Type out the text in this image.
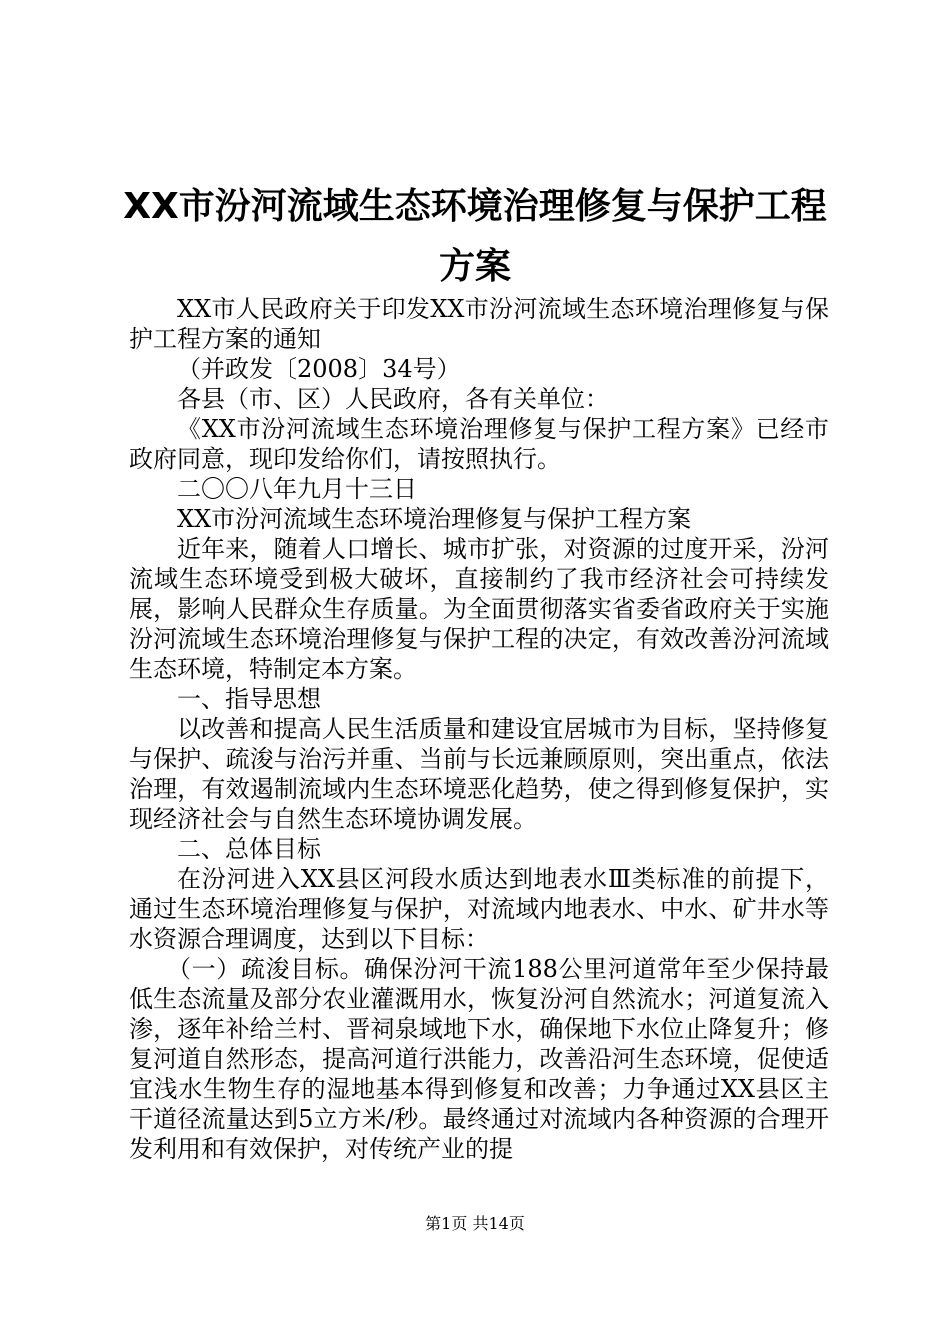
XX市汾河流域生态环境治理修复与保护工程
方案

XX市人民政府关于印发XX市汾河流域生态环境治理修复与保护工程方案的通知

（并政发〔2008〕34号）

各县（市、区）人民政府，各有关单位：

《XX市汾河流域生态环境治理修复与保护工程方案》已经市政府同意，现印发给你们，请按照执行。

二〇〇八年九月十三日

XX市汾河流域生态环境治理修复与保护工程方案

近年来，随着人口增长、城市扩张，对资源的过度开采，汾河流域生态环境受到极大破坏，直接制约了我市经济社会可持续发展，影响人民群众生存质量。为全面贯彻落实省委省政府关于实施汾河流域生态环境治理修复与保护工程的决定，有效改善汾河流域生态环境，特制定本方案。

一、指导思想

以改善和提高人民生活质量和建设宜居城市为目标，坚持修复与保护、疏浚与治污并重、当前与长远兼顾原则，突出重点，依法治理，有效遏制流域内生态环境恶化趋势，使之得到修复保护，实现经济社会与自然生态环境协调发展。

二、总体目标

在汾河进入XX县区河段水质达到地表水Ⅲ类标准的前提下，通过生态环境治理修复与保护，对流域内地表水、中水、矿井水等水资源合理调度，达到以下目标：

（一）疏浚目标。确保汾河干流188公里河道常年至少保持最低生态流量及部分农业灌溉用水，恢复汾河自然流水；河道复流入渗，逐年补给兰村、晋祠泉域地下水，确保地下水位止降复升；修复河道自然形态，提高河道行洪能力，改善沿河生态环境，促使适宜浅水生物生存的湿地基本得到修复和改善；力争通过XX县区主干道径流量达到5立方米/秒。最终通过对流域内各种资源的合理开发利用和有效保护，对传统产业的提

第1页 共14页
